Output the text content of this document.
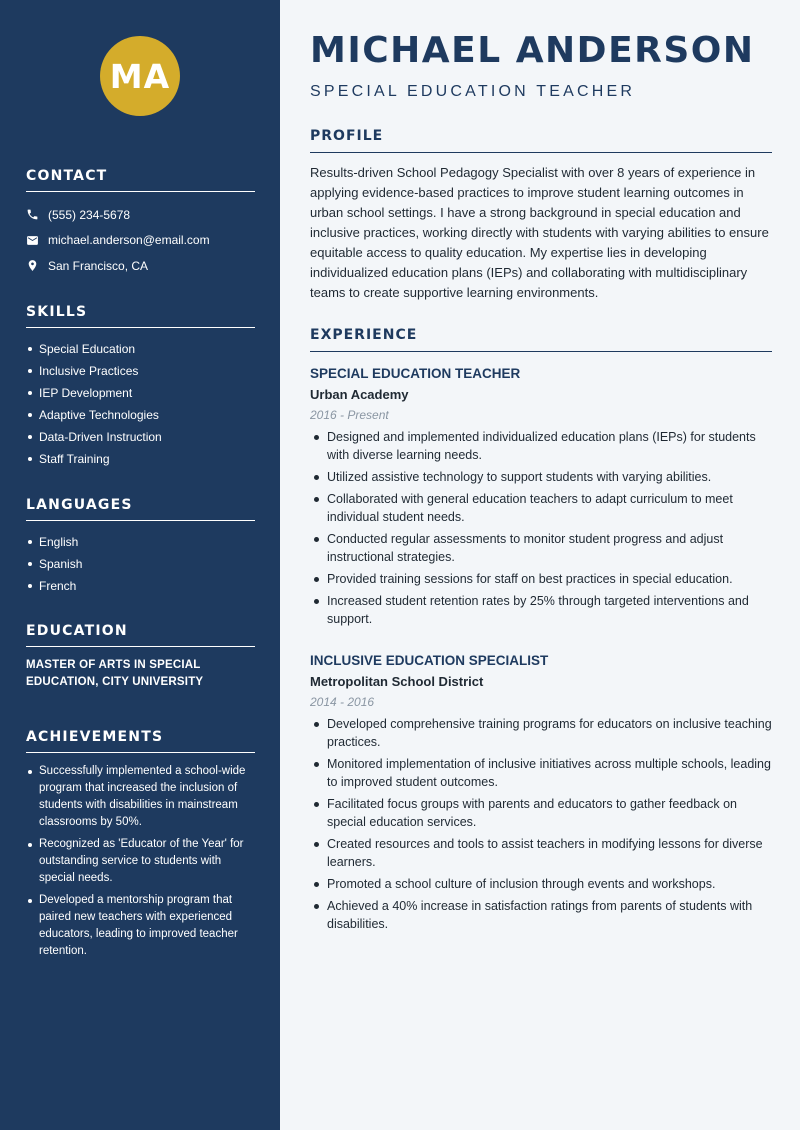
MA
CONTACT
(555) 234-5678
michael.anderson@email.com
San Francisco, CA
SKILLS
Special Education
Inclusive Practices
IEP Development
Adaptive Technologies
Data-Driven Instruction
Staff Training
LANGUAGES
English
Spanish
French
EDUCATION
MASTER OF ARTS IN SPECIAL EDUCATION, CITY UNIVERSITY
ACHIEVEMENTS
Successfully implemented a school-wide program that increased the inclusion of students with disabilities in mainstream classrooms by 50%.
Recognized as 'Educator of the Year' for outstanding service to students with special needs.
Developed a mentorship program that paired new teachers with experienced educators, leading to improved teacher retention.
MICHAEL ANDERSON
SPECIAL EDUCATION TEACHER
PROFILE

Results-driven School Pedagogy Specialist with over 8 years of experience in applying evidence-based practices to improve student learning outcomes in urban school settings. I have a strong background in special education and inclusive practices, working directly with students with varying abilities to ensure equitable access to quality education. My expertise lies in developing individualized education plans (IEPs) and collaborating with multidisciplinary teams to create supportive learning environments.

EXPERIENCE
SPECIAL EDUCATION TEACHER
Urban Academy
2016 - Present
Designed and implemented individualized education plans (IEPs) for students with diverse learning needs.
Utilized assistive technology to support students with varying abilities.
Collaborated with general education teachers to adapt curriculum to meet individual student needs.
Conducted regular assessments to monitor student progress and adjust instructional strategies.
Provided training sessions for staff on best practices in special education.
Increased student retention rates by 25% through targeted interventions and support.
INCLUSIVE EDUCATION SPECIALIST
Metropolitan School District
2014 - 2016
Developed comprehensive training programs for educators on inclusive teaching practices.
Monitored implementation of inclusive initiatives across multiple schools, leading to improved student outcomes.
Facilitated focus groups with parents and educators to gather feedback on special education services.
Created resources and tools to assist teachers in modifying lessons for diverse learners.
Promoted a school culture of inclusion through events and workshops.
Achieved a 40% increase in satisfaction ratings from parents of students with disabilities.
